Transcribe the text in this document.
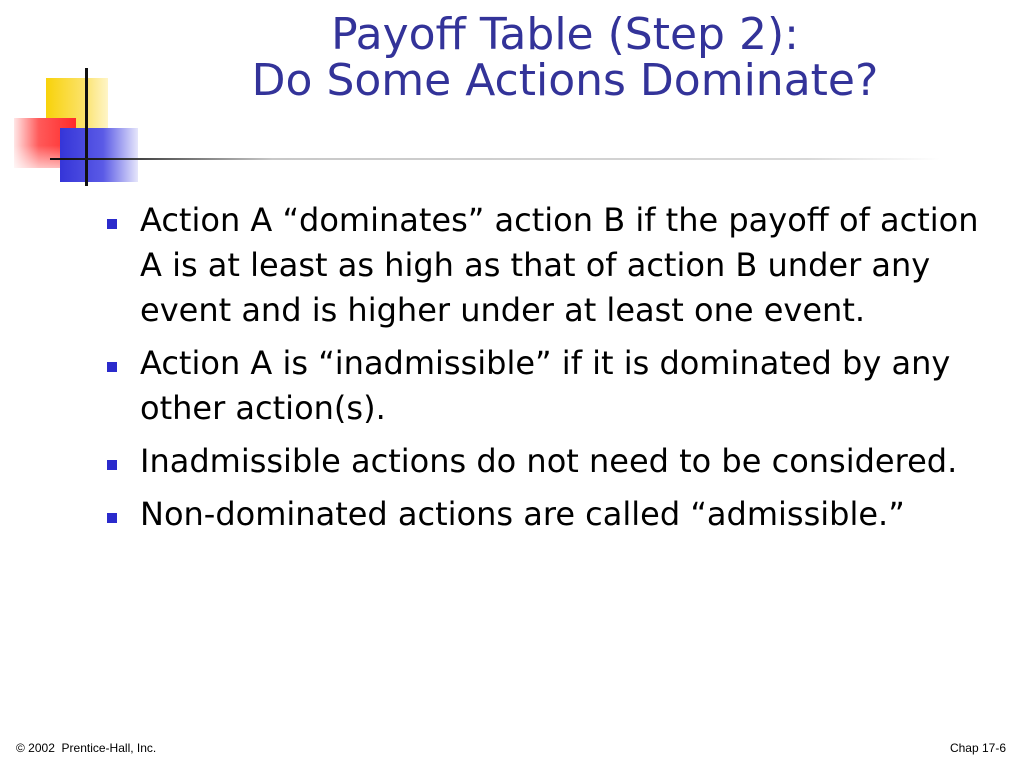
Payoff Table (Step 2):
Do Some Actions Dominate?
Action A “dominates” action B if the payoff of action A is at least as high as that of action B under any event and is higher under at least one event.
Action A is “inadmissible” if it is dominated by any other action(s).
Inadmissible actions do not need to be considered.
Non-dominated actions are called “admissible.”
© 2002  Prentice-Hall, Inc.	Chap 17-6
